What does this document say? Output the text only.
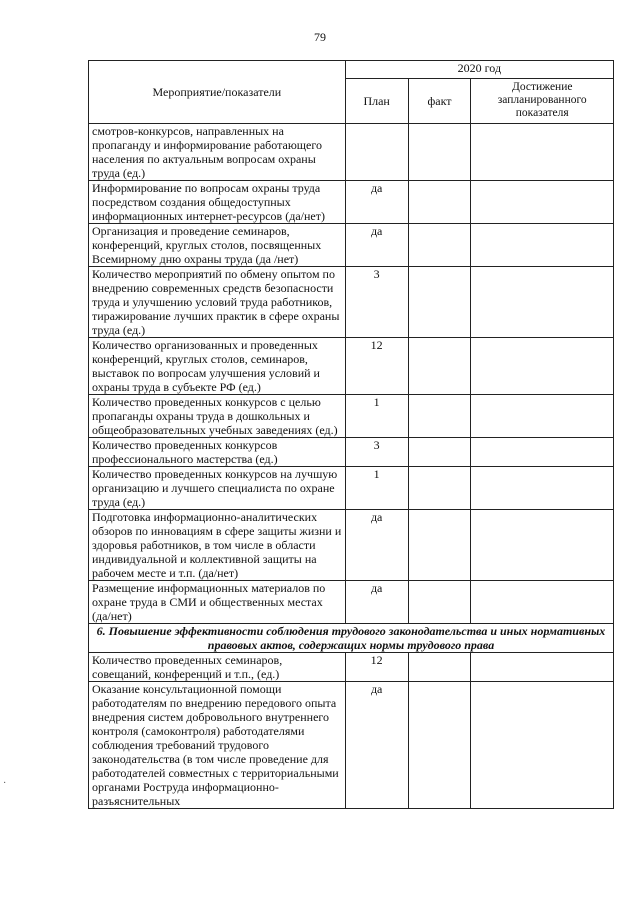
79
Мероприятие/показатели	2020 год		
	План	факт	Достижение запланированного показателя
смотров-конкурсов, направленных на пропаганду и информирование работающего населения по актуальным вопросам охраны труда (ед.)			
Информирование по вопросам охраны труда посредством создания общедоступных информационных интернет-ресурсов (да/нет)	да		
Организация и проведение семинаров, конференций, круглых столов, посвященных Всемирному дню охраны труда (да /нет)	да		
Количество мероприятий по обмену опытом по внедрению современных средств безопасности труда и улучшению условий труда работников, тиражирование лучших практик в сфере охраны труда (ед.)	3		
Количество организованных и проведенных конференций, круглых столов, семинаров, выставок по вопросам улучшения условий и охраны труда в субъекте РФ (ед.)	12		
Количество проведенных конкурсов с целью пропаганды охраны труда в дошкольных и общеобразовательных учебных заведениях (ед.)	1		
Количество проведенных конкурсов профессионального мастерства (ед.)	3		
Количество проведенных конкурсов на лучшую организацию и лучшего специалиста по охране труда (ед.)	1		
Подготовка информационно-аналитических обзоров по инновациям в сфере защиты жизни и здоровья работников, в том числе в области индивидуальной и коллективной защиты на рабочем месте и т.п. (да/нет)	да		
Размещение информационных материалов по охране труда в СМИ и общественных местах (да/нет)	да		
6. Повышение эффективности соблюдения трудового законодательства и иных нормативных правовых актов, содержащих нормы трудового права			
Количество проведенных семинаров, совещаний, конференций и т.п., (ед.)	12		
Оказание консультационной помощи работодателям по внедрению передового опыта внедрения систем добровольного внутреннего контроля (самоконтроля) работодателями соблюдения требований трудового законодательства (в том числе проведение для работодателей совместных с территориальными органами Роструда информационно-разъяснительных	да		
·
